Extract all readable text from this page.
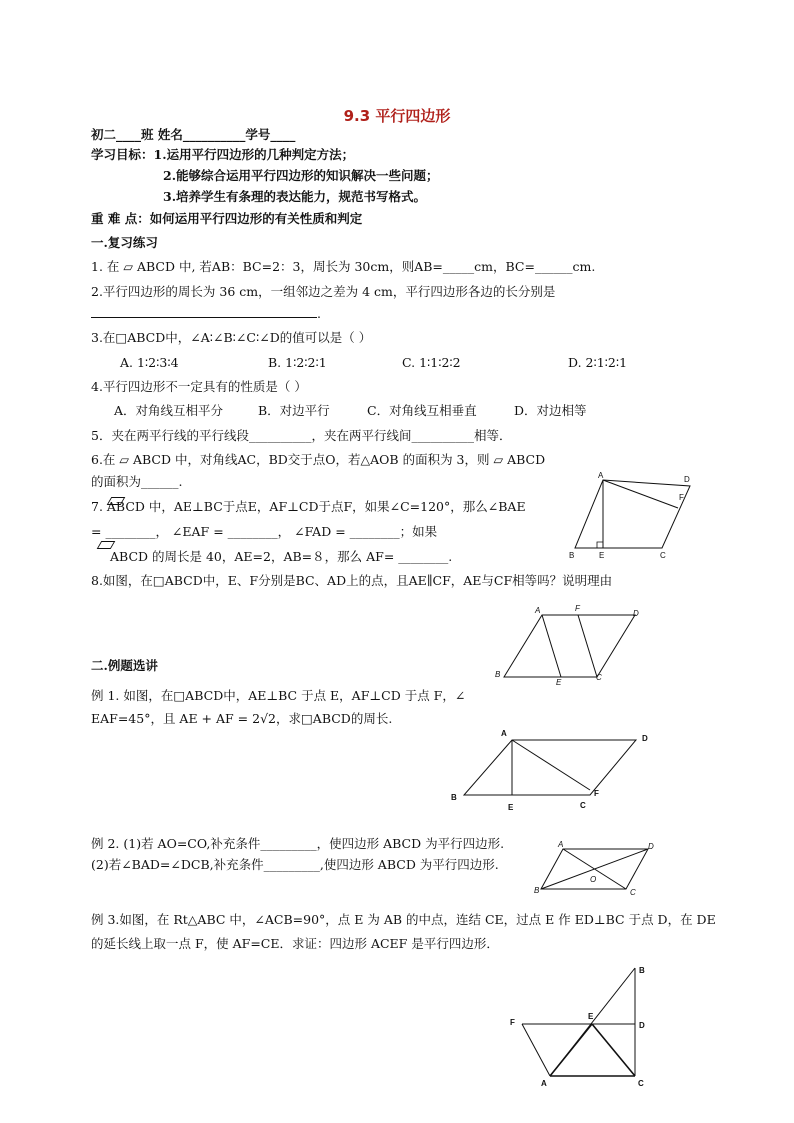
9.3 平行四边形
初二____班 姓名__________学号____
学习目标：1.运用平行四边形的几种判定方法；
2.能够综合运用平行四边形的知识解决一些问题；
3.培养学生有条理的表达能力，规范书写格式。
重 难 点：如何运用平行四边形的有关性质和判定
一.复习练习
1. 在 ▱ ABCD 中, 若AB：BC=2：3，周长为 30cm，则AB=_____cm，BC=______cm.
2.平行四边形的周长为 36 cm，一组邻边之差为 4 cm，平行四边形各边的长分别是
.
3.在□ABCD中，∠A∶∠B∶∠C∶∠D的值可以是（ ）
A. 1∶2∶3∶4	B. 1∶2∶2∶1	C. 1∶1∶2∶2	D. 2∶1∶2∶1
4.平行四边形不一定具有的性质是（ ）
A．对角线互相平分	B．对边平行	C．对角线互相垂直	D．对边相等
5．夹在两平行线的平行线段__________，夹在两平行线间__________相等．
6.在 ▱ ABCD 中，对角线AC，BD交于点O，若△AOB 的面积为 3，则 ▱ ABCD
的面积为______.
7. ABCD 中，AE⊥BC于点E，AF⊥CD于点F，如果∠C=120°，那么∠BAE
= ________， ∠EAF = ________， ∠FAD = ________；如果
ABCD 的周长是 40，AE=2，AB=８，那么 AF= ________.
8.如图，在□ABCD中，E、F分别是BC、AD上的点，且AE∥CF，AE与CF相等吗？说明理由
二.例题选讲
例 1. 如图，在□ABCD中，AE⊥BC 于点 E，AF⊥CD 于点 F，∠
EAF=45°，且 AE + AF = 2√2，求□ABCD的周长.
例 2. (1)若 AO=CO,补充条件_________，使四边形 ABCD 为平行四边形.
(2)若∠BAD=∠DCB,补充条件_________,使四边形 ABCD 为平行四边形.
例 3.如图，在 Rt△ABC 中，∠ACB=90°，点 E 为 AB 的中点，连结 CE，过点 E 作 ED⊥BC 于点 D，在 DE
的延长线上取一点 F，使 AF=CE．求证：四边形 ACEF 是平行四边形．
A	D
F
B	E	C
A	F
D
B
E
C
A
D
B
E	C
F
A	D
O
B	C
B
F
E
D
A	C
